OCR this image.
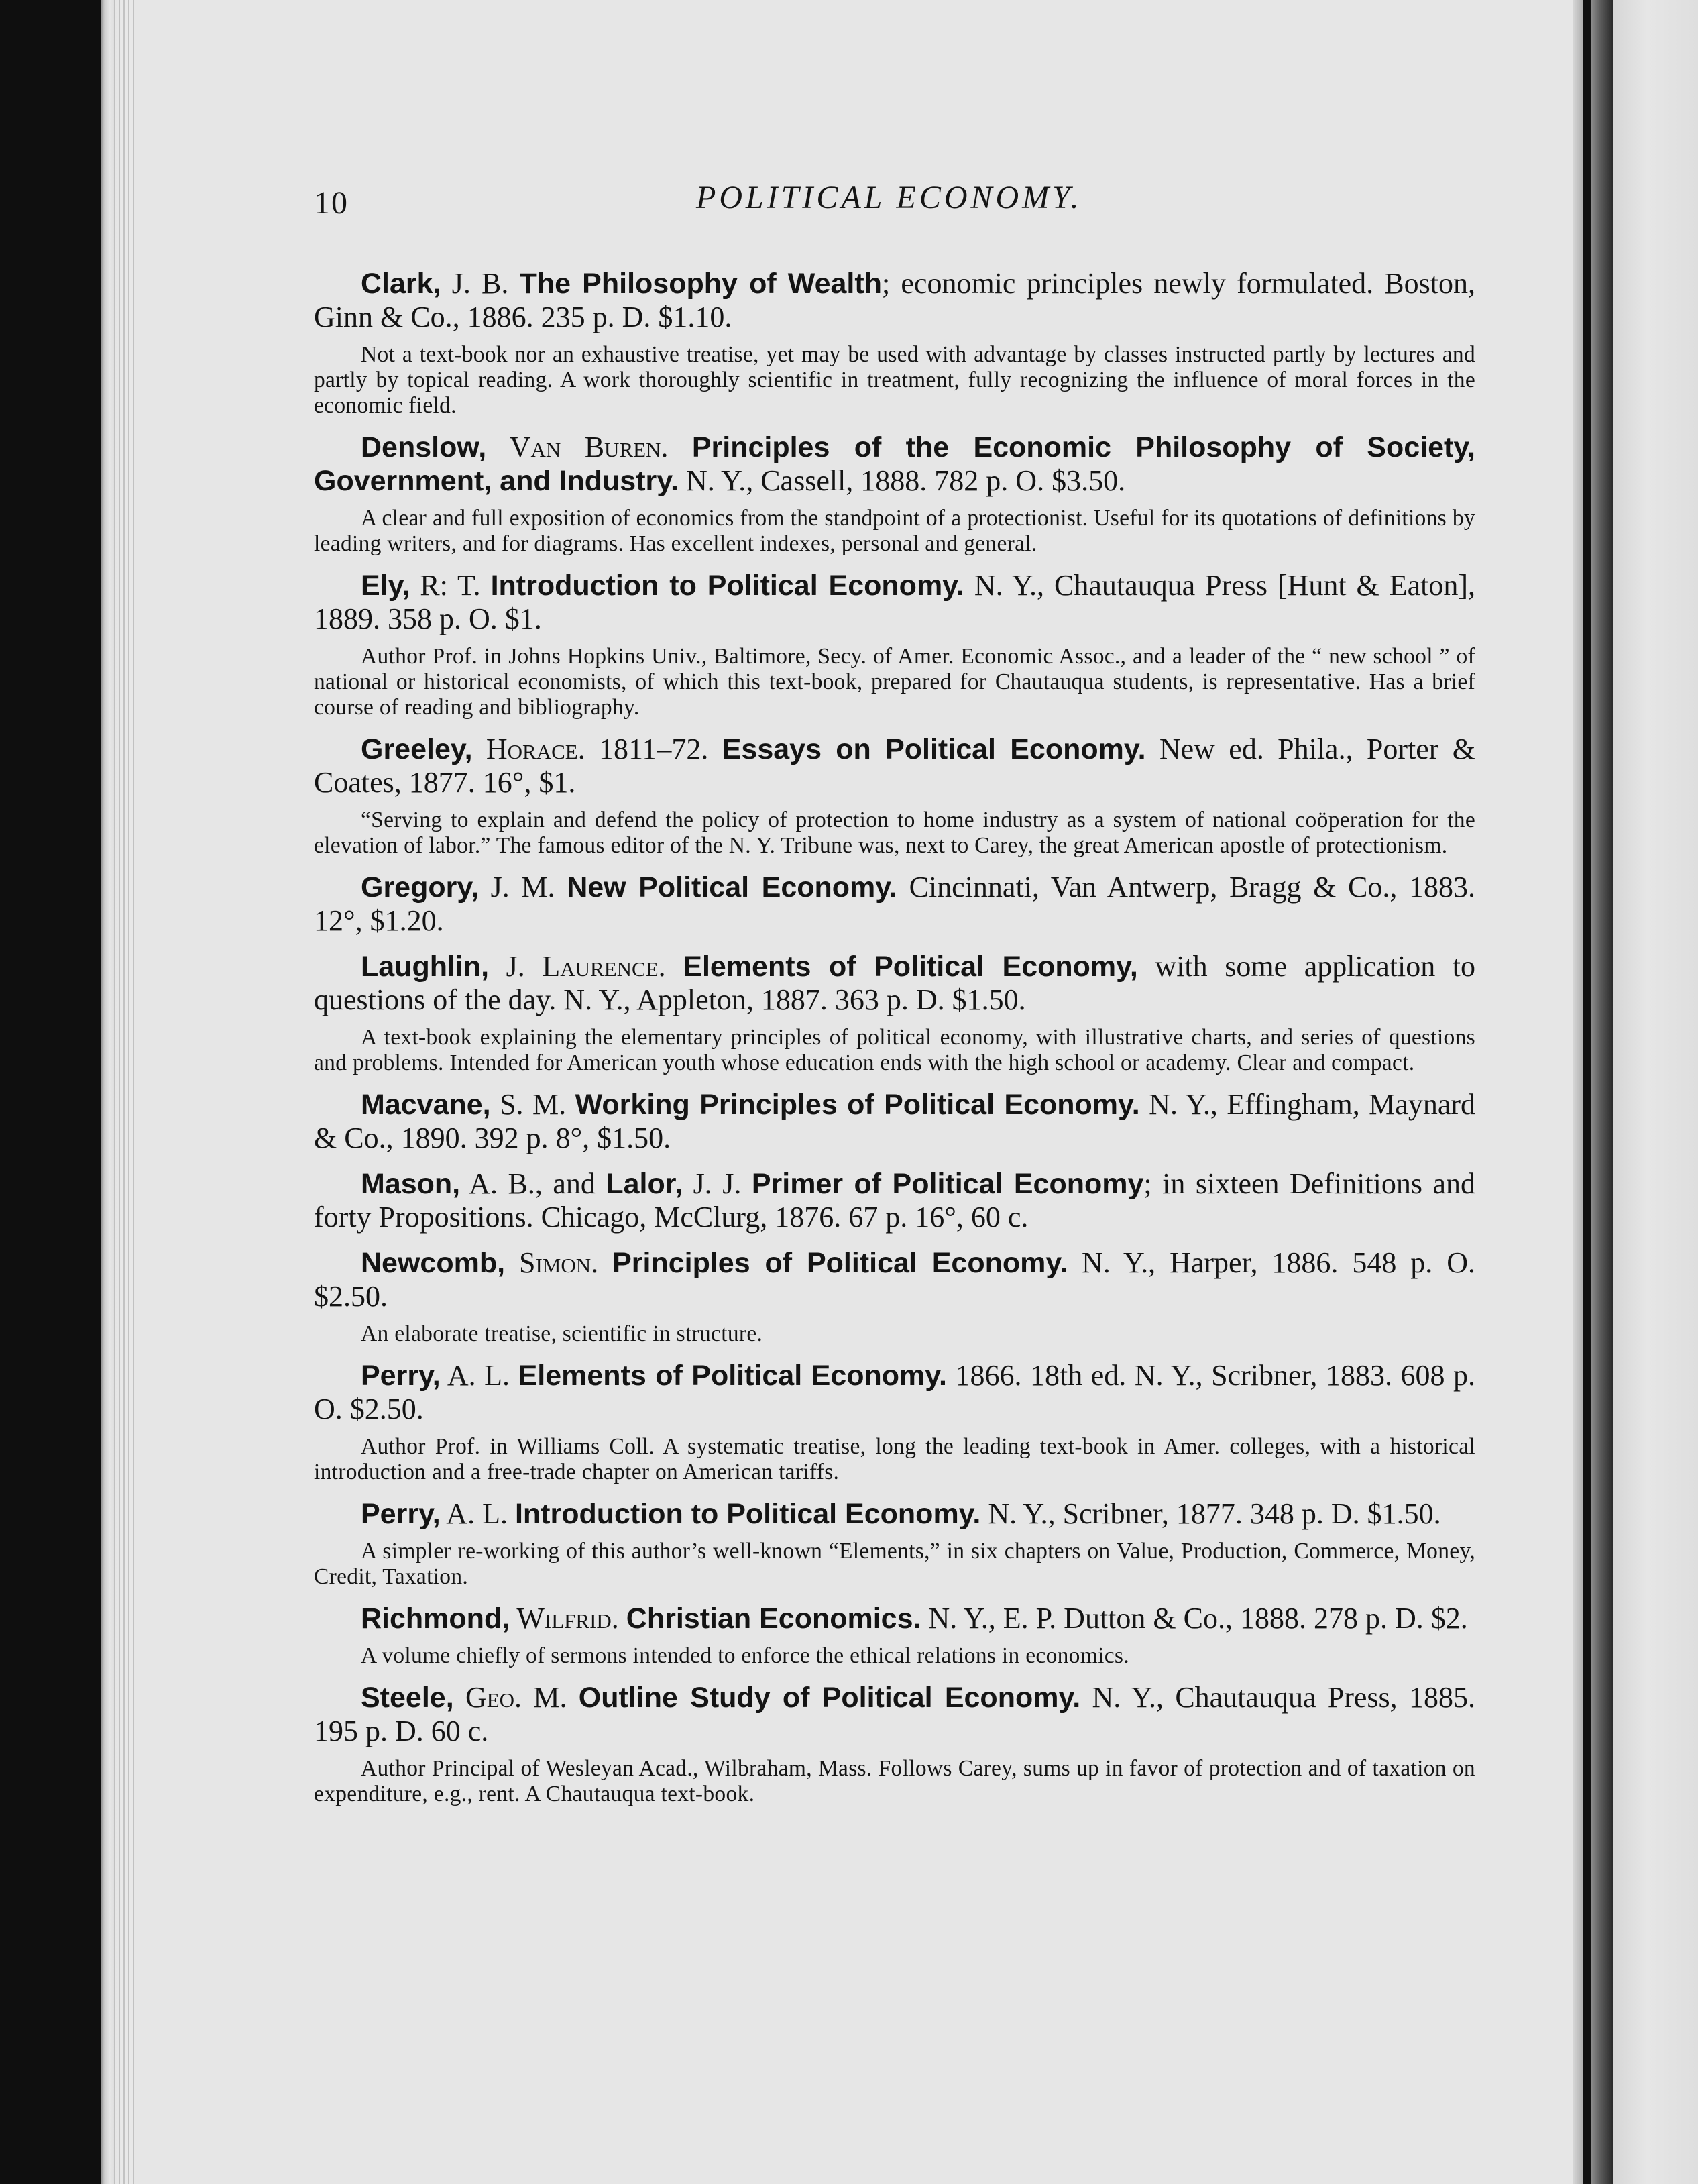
10	POLITICAL ECONOMY.

Clark, J. B. The Philosophy of Wealth; economic principles newly formulated. Boston, Ginn & Co., 1886. 235 p. D. $1.10.

Not a text-book nor an exhaustive treatise, yet may be used with advantage by classes instructed partly by lectures and partly by topical reading. A work thoroughly scientific in treatment, fully recognizing the influence of moral forces in the economic field.

Denslow, Van Buren. Principles of the Economic Philosophy of Society, Government, and Industry. N. Y., Cassell, 1888. 782 p. O. $3.50.

A clear and full exposition of economics from the standpoint of a protectionist. Useful for its quotations of definitions by leading writers, and for diagrams. Has excellent indexes, personal and general.

Ely, R: T. Introduction to Political Economy. N. Y., Chautauqua Press [Hunt & Eaton], 1889. 358 p. O. $1.

Author Prof. in Johns Hopkins Univ., Baltimore, Secy. of Amer. Economic Assoc., and a leader of the “ new school ” of national or historical economists, of which this text-book, prepared for Chautauqua students, is representative. Has a brief course of reading and bibliography.

Greeley, Horace. 1811–72. Essays on Political Economy. New ed. Phila., Porter & Coates, 1877. 16°, $1.

“Serving to explain and defend the policy of protection to home industry as a system of national coöperation for the elevation of labor.” The famous editor of the N. Y. Tribune was, next to Carey, the great American apostle of protectionism.

Gregory, J. M. New Political Economy. Cincinnati, Van Antwerp, Bragg & Co., 1883. 12°, $1.20.

Laughlin, J. Laurence. Elements of Political Economy, with some application to questions of the day. N. Y., Appleton, 1887. 363 p. D. $1.50.

A text-book explaining the elementary principles of political economy, with illustrative charts, and series of questions and problems. Intended for American youth whose education ends with the high school or academy. Clear and compact.

Macvane, S. M. Working Principles of Political Economy. N. Y., Effingham, Maynard & Co., 1890. 392 p. 8°, $1.50.

Mason, A. B., and Lalor, J. J. Primer of Political Economy; in sixteen Definitions and forty Propositions. Chicago, McClurg, 1876. 67 p. 16°, 60 c.

Newcomb, Simon. Principles of Political Economy. N. Y., Harper, 1886. 548 p. O. $2.50.

An elaborate treatise, scientific in structure.

Perry, A. L. Elements of Political Economy. 1866. 18th ed. N. Y., Scribner, 1883. 608 p. O. $2.50.

Author Prof. in Williams Coll. A systematic treatise, long the leading text-book in Amer. colleges, with a historical introduction and a free-trade chapter on American tariffs.

Perry, A. L. Introduction to Political Economy. N. Y., Scribner, 1877. 348 p. D. $1.50.

A simpler re-working of this author’s well-known “Elements,” in six chapters on Value, Production, Commerce, Money, Credit, Taxation.

Richmond, Wilfrid. Christian Economics. N. Y., E. P. Dutton & Co., 1888. 278 p. D. $2.

A volume chiefly of sermons intended to enforce the ethical relations in economics.

Steele, Geo. M. Outline Study of Political Economy. N. Y., Chautauqua Press, 1885. 195 p. D. 60 c.

Author Principal of Wesleyan Acad., Wilbraham, Mass. Follows Carey, sums up in favor of protection and of taxation on expenditure, e.g., rent. A Chautauqua text-book.
